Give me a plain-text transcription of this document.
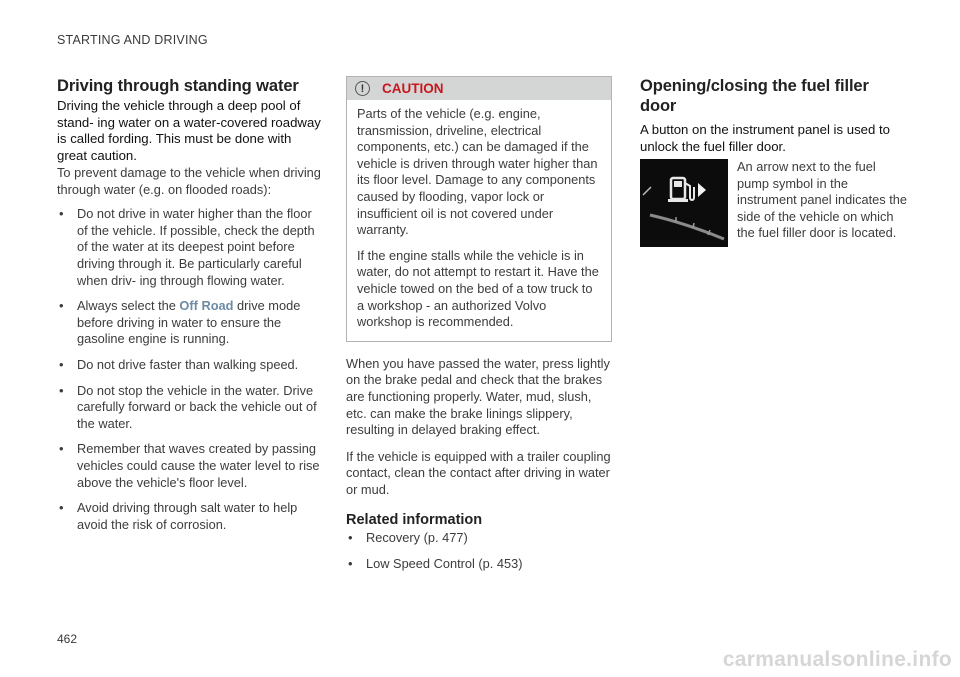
STARTING AND DRIVING
Driving through standing water

Driving the vehicle through a deep pool of stand- ing water on a water-covered roadway is called fording. This must be done with great caution.

To prevent damage to the vehicle when driving through water (e.g. on flooded roads):

• Do not drive in water higher than the floor of the vehicle. If possible, check the depth of the water at its deepest point before driving through it. Be particularly careful when driv- ing through flowing water.
• Always select the Off Road drive mode before driving in water to ensure the gasoline engine is running.
• Do not drive faster than walking speed.
• Do not stop the vehicle in the water. Drive carefully forward or back the vehicle out of the water.
• Remember that waves created by passing vehicles could cause the water level to rise above the vehicle's floor level.
• Avoid driving through salt water to help avoid the risk of corrosion.
!	CAUTION

Parts of the vehicle (e.g. engine, transmission, driveline, electrical components, etc.) can be damaged if the vehicle is driven through water higher than its floor level. Damage to any components caused by flooding, vapor lock or insufficient oil is not covered under warranty.

If the engine stalls while the vehicle is in water, do not attempt to restart it. Have the vehicle towed on the bed of a tow truck to a workshop - an authorized Volvo workshop is recommended.

When you have passed the water, press lightly on the brake pedal and check that the brakes are functioning properly. Water, mud, slush, etc. can make the brake linings slippery, resulting in delayed braking effect.

If the vehicle is equipped with a trailer coupling contact, clean the contact after driving in water or mud.

Related information
• Recovery (p. 477)
• Low Speed Control (p. 453)
Opening/closing the fuel filler door

A button on the instrument panel is used to unlock the fuel filler door.

An arrow next to the fuel pump symbol in the instrument panel indicates the side of the vehicle on which the fuel filler door is located.
462
carmanualsonline.info
